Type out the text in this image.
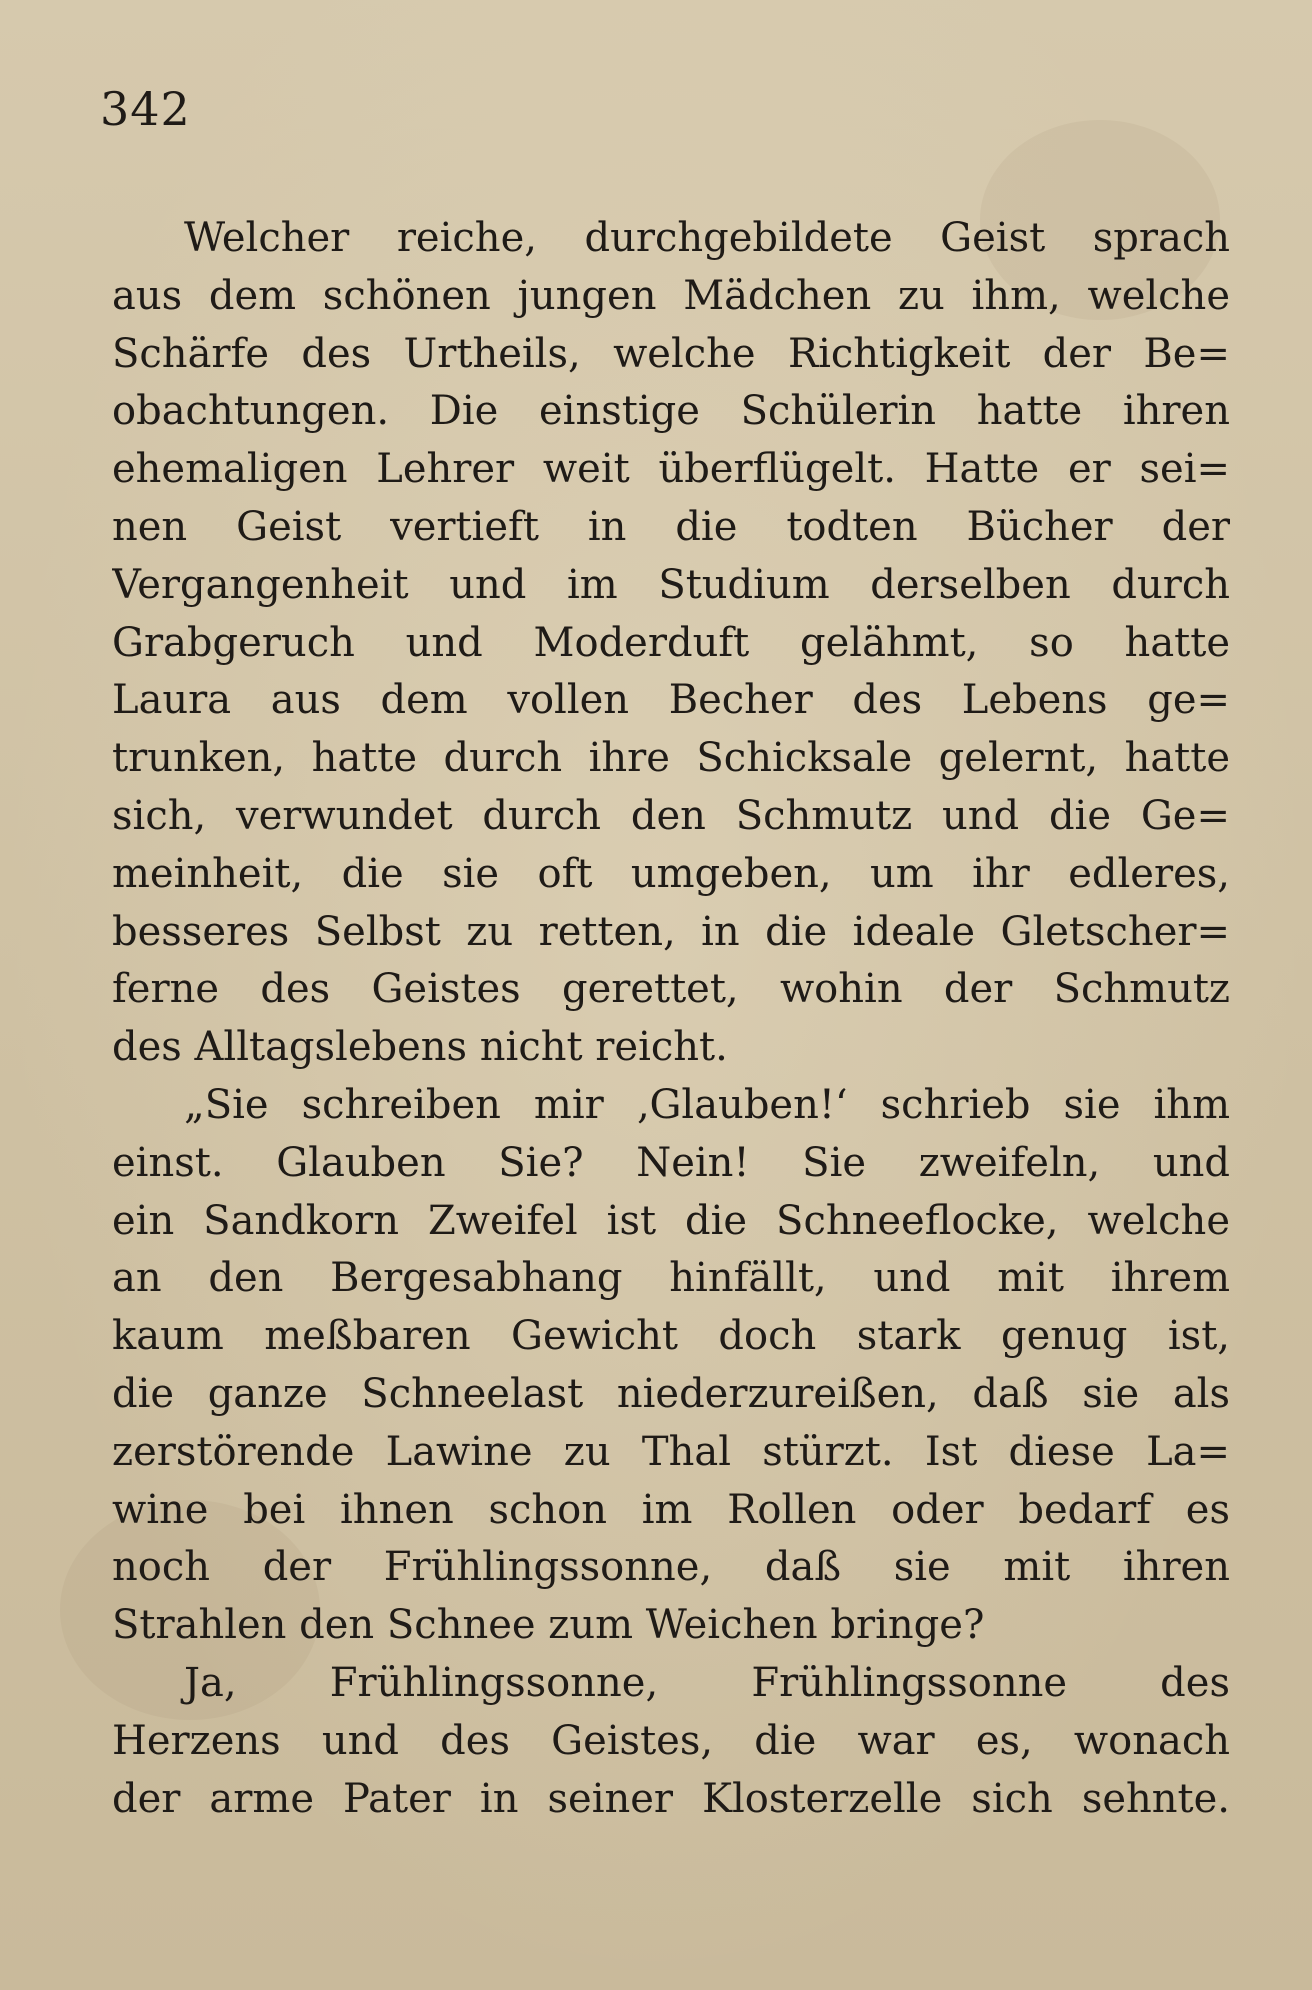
342
Welcher reiche, durchgebildete Geist sprach
aus dem schönen jungen Mädchen zu ihm, welche
Schärfe des Urtheils, welche Richtigkeit der Be=
obachtungen. Die einstige Schülerin hatte ihren
ehemaligen Lehrer weit überflügelt. Hatte er sei=
nen Geist vertieft in die todten Bücher der
Vergangenheit und im Studium derselben durch
Grabgeruch und Moderduft gelähmt, so hatte
Laura aus dem vollen Becher des Lebens ge=
trunken, hatte durch ihre Schicksale gelernt, hatte
sich, verwundet durch den Schmutz und die Ge=
meinheit, die sie oft umgeben, um ihr edleres,
besseres Selbst zu retten, in die ideale Gletscher=
ferne des Geistes gerettet, wohin der Schmutz
des Alltagslebens nicht reicht.
„Sie schreiben mir ‚Glauben!‘ schrieb sie ihm
einst. Glauben Sie? Nein! Sie zweifeln, und
ein Sandkorn Zweifel ist die Schneeflocke, welche
an den Bergesabhang hinfällt, und mit ihrem
kaum meßbaren Gewicht doch stark genug ist,
die ganze Schneelast niederzureißen, daß sie als
zerstörende Lawine zu Thal stürzt. Ist diese La=
wine bei ihnen schon im Rollen oder bedarf es
noch der Frühlingssonne, daß sie mit ihren
Strahlen den Schnee zum Weichen bringe?
Ja, Frühlingssonne, Frühlingssonne des
Herzens und des Geistes, die war es, wonach
der arme Pater in seiner Klosterzelle sich sehnte.
